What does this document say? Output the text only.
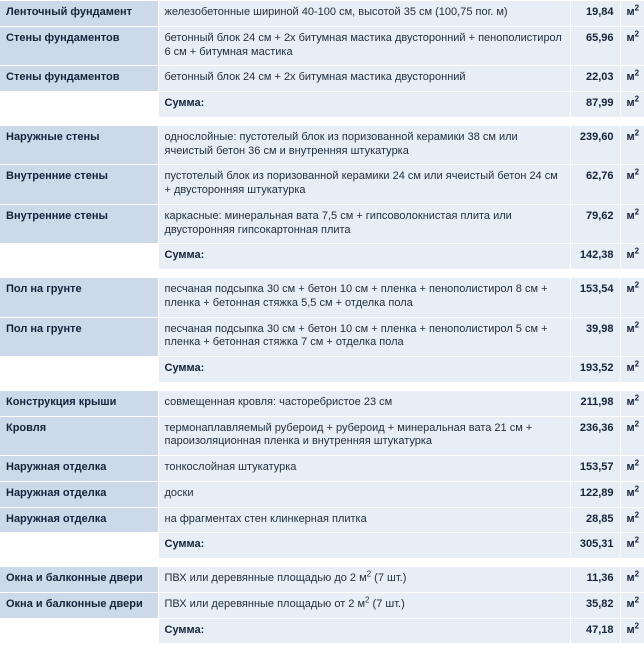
Ленточный фундамент	железобетонные шириной 40-100 см, высотой 35 см (100,75 пог. м)	19,84	$м^2$
Стены фундаментов	бетонный блок 24 см + 2х битумная мастика двусторонний + пенополистирол 6 см + битумная мастика	65,96	$м^2$
Стены фундаментов	бетонный блок 24 см + 2х битумная мастика двусторонний	22,03	$м^2$
	Сумма:	87,99	$м^2$

Наружные стены	однослойные: пустотелый блок из поризованной керамики 38 см или ячеистый бетон 36 см и внутренняя штукатурка	239,60	$м^2$
Внутренние стены	пустотелый блок из поризованной керамики 24 см или ячеистый бетон 24 см + двусторонняя штукатурка	62,76	$м^2$
Внутренние стены	каркасные: минеральная вата 7,5 см + гипсоволокнистая плита или двусторонняя гипсокартонная плита	79,62	$м^2$
	Сумма:	142,38	$м^2$

Пол на грунте	песчаная подсыпка 30 см + бетон 10 см + пленка + пенополистирол 8 см + пленка + бетонная стяжка 5,5 см + отделка пола	153,54	$м^2$
Пол на грунте	песчаная подсыпка 30 см + бетон 10 см + пленка + пенополистирол 5 см + пленка + бетонная стяжка 7 см + отделка пола	39,98	$м^2$
	Сумма:	193,52	$м^2$

Конструкция крыши	совмещенная кровля: часторебристое 23 см	211,98	$м^2$
Кровля	термонаплавляемый рубероид + рубероид + минеральная вата 21 см + пароизоляционная пленка и внутренняя штукатурка	236,36	$м^2$
Наружная отделка	тонкослойная штукатурка	153,57	$м^2$
Наружная отделка	доски	122,89	$м^2$
Наружная отделка	на фрагментах стен клинкерная плитка	28,85	$м^2$
	Сумма:	305,31	$м^2$

Окна и балконные двери	ПВХ или деревянные площадью до 2 $м^2$ (7 шт.)	11,36	$м^2$
Окна и балконные двери	ПВХ или деревянные площадью от 2 $м^2$ (7 шт.)	35,82	$м^2$
	Сумма:	47,18	$м^2$
